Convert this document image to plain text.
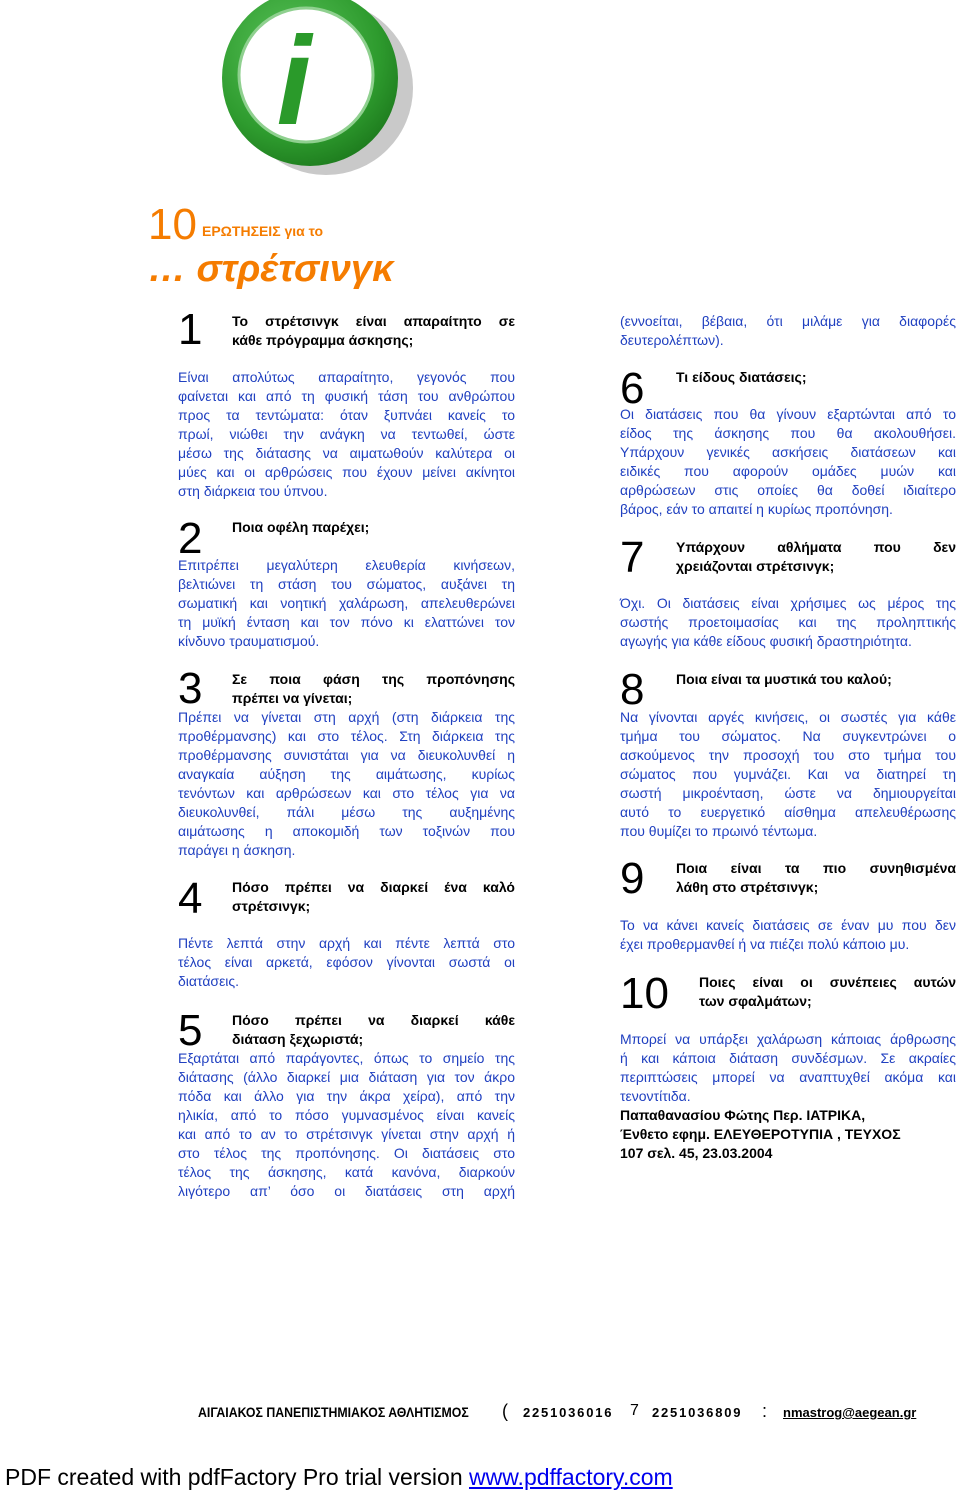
i
10 ΕΡΩΤΗΣΕΙΣ για το
… στρέτσινγκ
1 Το στρέτσινγκ είναι απαραίτητο σε
κάθε πρόγραμμα άσκησης;
Είναι απολύτως απαραίτητο, γεγονός που
φαίνεται και από τη φυσική τάση του ανθρώπου
προς τα τεντώματα: όταν ξυπνάει κανείς το
πρωί, νιώθει την ανάγκη να τεντωθεί, ώστε
μέσω της διάτασης να αιματωθούν καλύτερα οι
μύες και οι αρθρώσεις που έχουν μείνει ακίνητοι
στη διάρκεια του ύπνου.
2 Ποια οφέλη παρέχει;
Επιτρέπει μεγαλύτερη ελευθερία κινήσεων,
βελτιώνει τη στάση του σώματος, αυξάνει τη
σωματική και νοητική χαλάρωση, απελευθερώνει
τη μυϊκή ένταση και τον πόνο κι ελαττώνει τον
κίνδυνο τραυματισμού.
3 Σε ποια φάση της προπόνησης
πρέπει να γίνεται;
Πρέπει να γίνεται στη αρχή (στη διάρκεια της
προθέρμανσης) και στο τέλος. Στη διάρκεια της
προθέρμανσης συνιστάται για να διευκολυνθεί η
αναγκαία αύξηση της αιμάτωσης, κυρίως
τενόντων και αρθρώσεων και στο τέλος για να
διευκολυνθεί, πάλι μέσω της αυξημένης
αιμάτωσης η αποκομιδή των τοξινών που
παράγει η άσκηση.
4 Πόσο πρέπει να διαρκεί ένα καλό
στρέτσινγκ;
Πέντε λεπτά στην αρχή και πέντε λεπτά στο
τέλος είναι αρκετά, εφόσον γίνονται σωστά οι
διατάσεις.
5 Πόσο πρέπει να διαρκεί κάθε
διάταση ξεχωριστά;
Εξαρτάται από παράγοντες, όπως το σημείο της
διάτασης (άλλο διαρκεί μια διάταση για τον άκρο
πόδα και άλλο για την άκρα χείρα), από την
ηλικία, από το πόσο γυμνασμένος είναι κανείς
και από το αν το στρέτσινγκ γίνεται στην αρχή ή
στο τέλος της προπόνησης. Οι διατάσεις στο
τέλος της άσκησης, κατά κανόνα, διαρκούν
λιγότερο απ’ όσο οι διατάσεις στη αρχή
(εννοείται, βέβαια, ότι μιλάμε για διαφορές
δευτερολέπτων).
6 Τι είδους διατάσεις;
Οι διατάσεις που θα γίνουν εξαρτώνται από το
είδος της άσκησης που θα ακολουθήσει.
Υπάρχουν γενικές ασκήσεις διατάσεων και
ειδικές που αφορούν ομάδες μυών και
αρθρώσεων στις οποίες θα δοθεί ιδιαίτερο
βάρος, εάν το απαιτεί η κυρίως προπόνηση.
7 Υπάρχουν αθλήματα που δεν
χρειάζονται στρέτσινγκ;
Όχι. Οι διατάσεις είναι χρήσιμες ως μέρος της
σωστής προετοιμασίας και της προληπτικής
αγωγής για κάθε είδους φυσική δραστηριότητα.
8 Ποια είναι τα μυστικά του καλού;
Να γίνονται αργές κινήσεις, οι σωστές για κάθε
τμήμα του σώματος. Να συγκεντρώνει ο
ασκούμενος την προσοχή του στο τμήμα του
σώματος που γυμνάζει. Και να διατηρεί τη
σωστή μικροένταση, ώστε να δημιουργείται
αυτό το ευεργετικό αίσθημα απελευθέρωσης
που θυμίζει το πρωινό τέντωμα.
9 Ποια είναι τα πιο συνηθισμένα
λάθη στο στρέτσινγκ;
Το να κάνει κανείς διατάσεις σε έναν μυ που δεν
έχει προθερμανθεί ή να πιέζει πολύ κάποιο μυ.
10 Ποιες είναι οι συνέπειες αυτών
των σφαλμάτων;
Μπορεί να υπάρξει χαλάρωση κάποιας άρθρωσης
ή και κάποια διάταση συνδέσμων. Σε ακραίες
περιπτώσεις μπορεί να αναπτυχθεί ακόμα και
τενοντίτιδα.
Παπαθανασίου Φώτης Περ. ΙΑΤΡΙΚΑ,
Ένθετο εφημ. ΕΛΕΥΘΕΡΟΤΥΠΙΑ , ΤΕΥΧΟΣ
107 σελ. 45, 23.03.2004
ΑΙΓΑΙΑΚΟΣ ΠΑΝΕΠΙΣΤΗΜΙΑΚΟΣ ΑΘΛΗΤΙΣΜΟΣ ( 2251036016 7 2251036809 : nmastrog@aegean.gr
PDF created with pdfFactory Pro trial version www.pdffactory.com
